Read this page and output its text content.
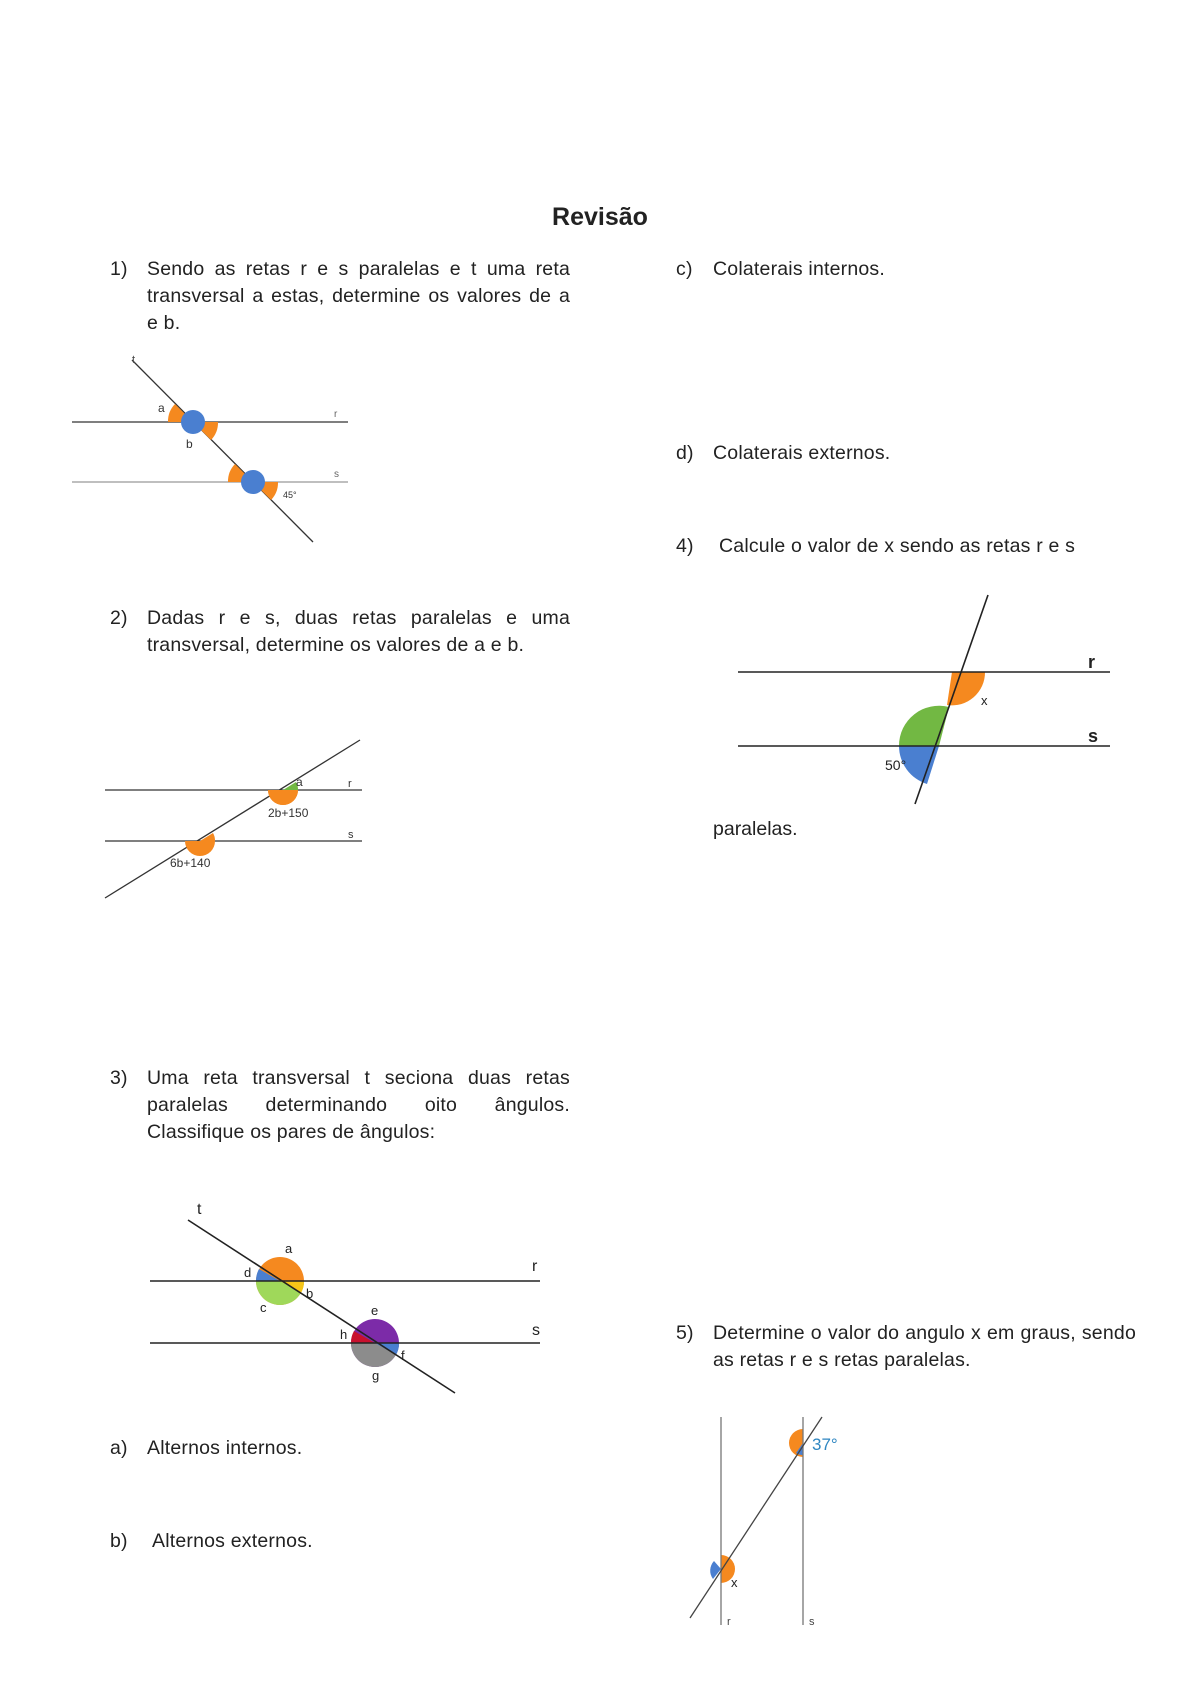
Revisão
1) Sendo as retas r e s paralelas e t uma reta transversal a estas, determine os valores de a e b.
t
r
s
a
b
45°
2) Dadas r e s, duas retas paralelas e uma transversal, determine os valores de a e b.
a	r
s
2b+150
6b+140
3) Uma reta transversal t seciona duas retas paralelas determinando oito ângulos. Classifique os pares de ângulos:
t
r
s
a
b
c
d
e
f
g
h
a) Alternos internos.
b) Alternos externos.
c) Colaterais internos.
d) Colaterais externos.
4) Calcule o valor de x sendo as retas r e s
r
s
x
50°
paralelas.
5) Determine o valor do angulo x em graus, sendo as retas r e s retas paralelas.
37°
x
r	s
